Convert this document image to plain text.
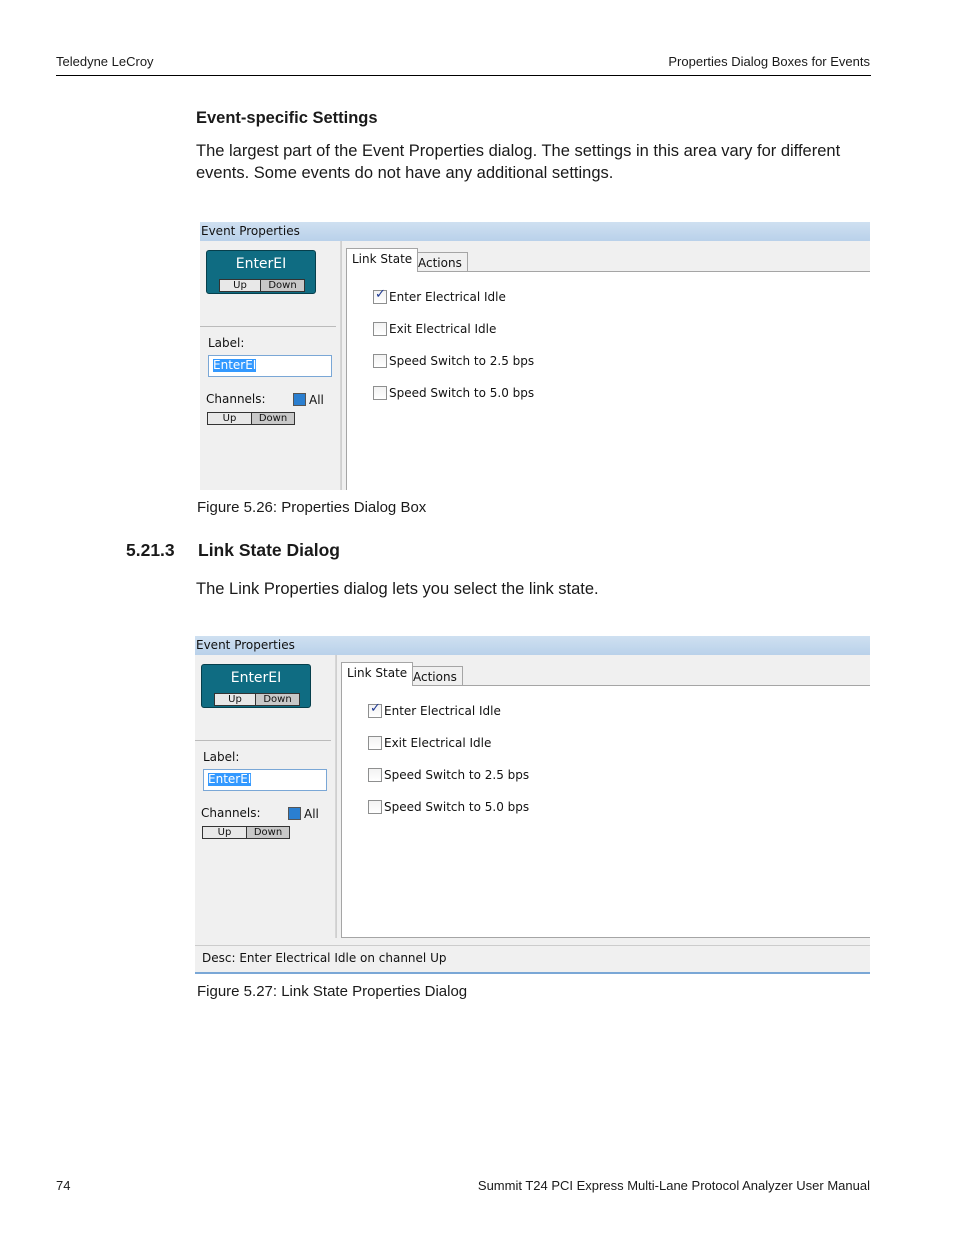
Teledyne LeCroy	Properties Dialog Boxes for Events
Event-specific Settings
The largest part of the Event Properties dialog. The settings in this area vary for different events. Some events do not have any additional settings.
Event Properties
EnterEI
Up	Down
Label:
EnterEI
Channels:	All
Up	Down
Link State Actions
✓ Enter Electrical Idle
Exit Electrical Idle
Speed Switch to 2.5 bps
Speed Switch to 5.0 bps
Figure 5.26: Properties Dialog Box
5.21.3 Link State Dialog
The Link Properties dialog lets you select the link state.
Event Properties
EnterEI
Up	Down
Label:
EnterEI
Channels:	All
Up	Down
Link State Actions
✓ Enter Electrical Idle
Exit Electrical Idle
Speed Switch to 2.5 bps
Speed Switch to 5.0 bps
Desc: Enter Electrical Idle on channel Up
Figure 5.27: Link State Properties Dialog
74	Summit T24 PCI Express Multi-Lane Protocol Analyzer User Manual
